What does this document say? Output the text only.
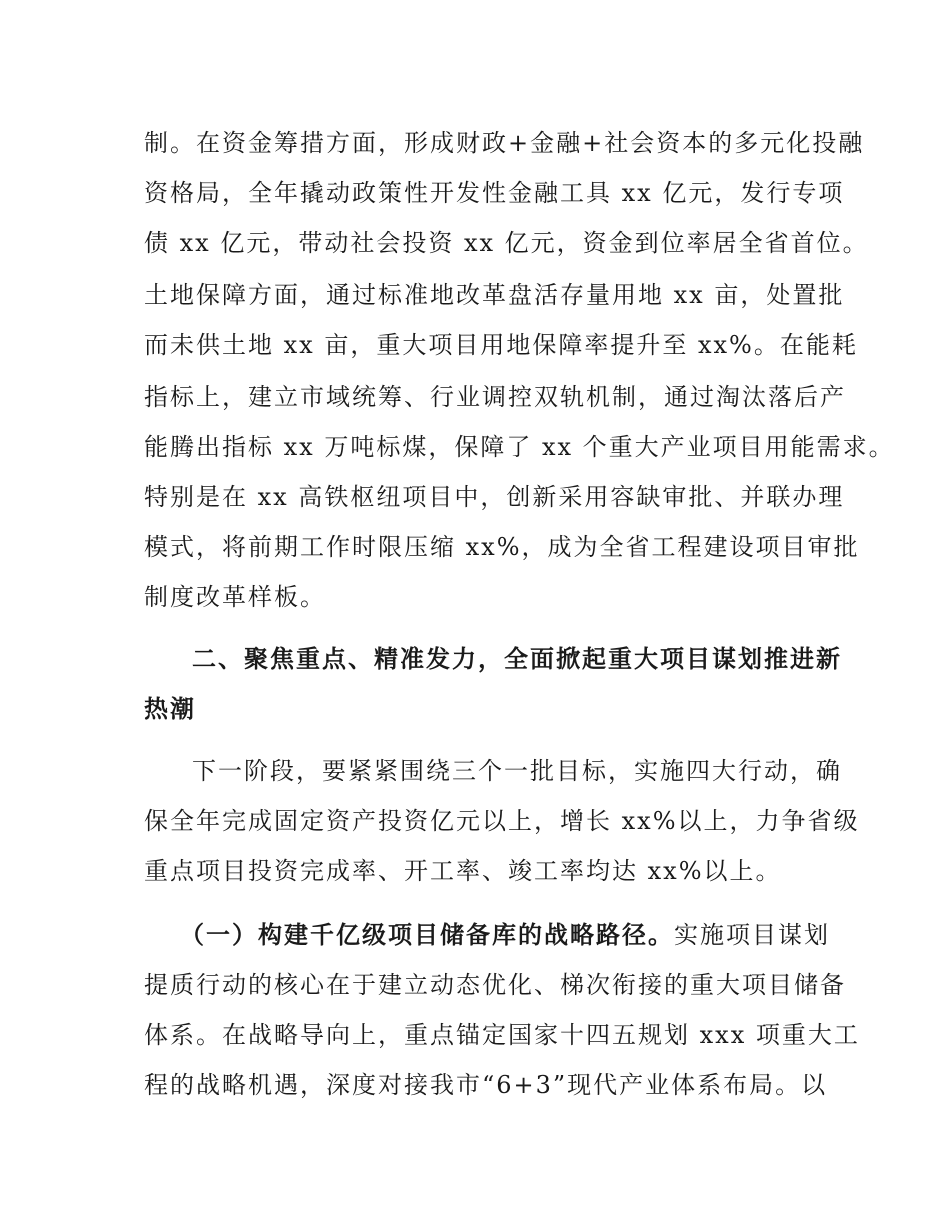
制。在资金筹措方面，形成财政+金融+社会资本的多元化投融
资格局，全年撬动政策性开发性金融工具 xx 亿元，发行专项
债 xx 亿元，带动社会投资 xx 亿元，资金到位率居全省首位。
土地保障方面，通过标准地改革盘活存量用地 xx 亩，处置批
而未供土地 xx 亩，重大项目用地保障率提升至 xx%。在能耗
指标上，建立市域统筹、行业调控双轨机制，通过淘汰落后产
能腾出指标 xx 万吨标煤，保障了 xx 个重大产业项目用能需求。
特别是在 xx 高铁枢纽项目中，创新采用容缺审批、并联办理
模式，将前期工作时限压缩 xx%，成为全省工程建设项目审批
制度改革样板。
二、聚焦重点、精准发力，全面掀起重大项目谋划推进新
热潮
下一阶段，要紧紧围绕三个一批目标，实施四大行动，确
保全年完成固定资产投资亿元以上，增长 xx%以上，力争省级
重点项目投资完成率、开工率、竣工率均达 xx%以上。
（一）构建千亿级项目储备库的战略路径。实施项目谋划
提质行动的核心在于建立动态优化、梯次衔接的重大项目储备
体系。在战略导向上，重点锚定国家十四五规划 xxx 项重大工
程的战略机遇，深度对接我市“6+3”现代产业体系布局。以
